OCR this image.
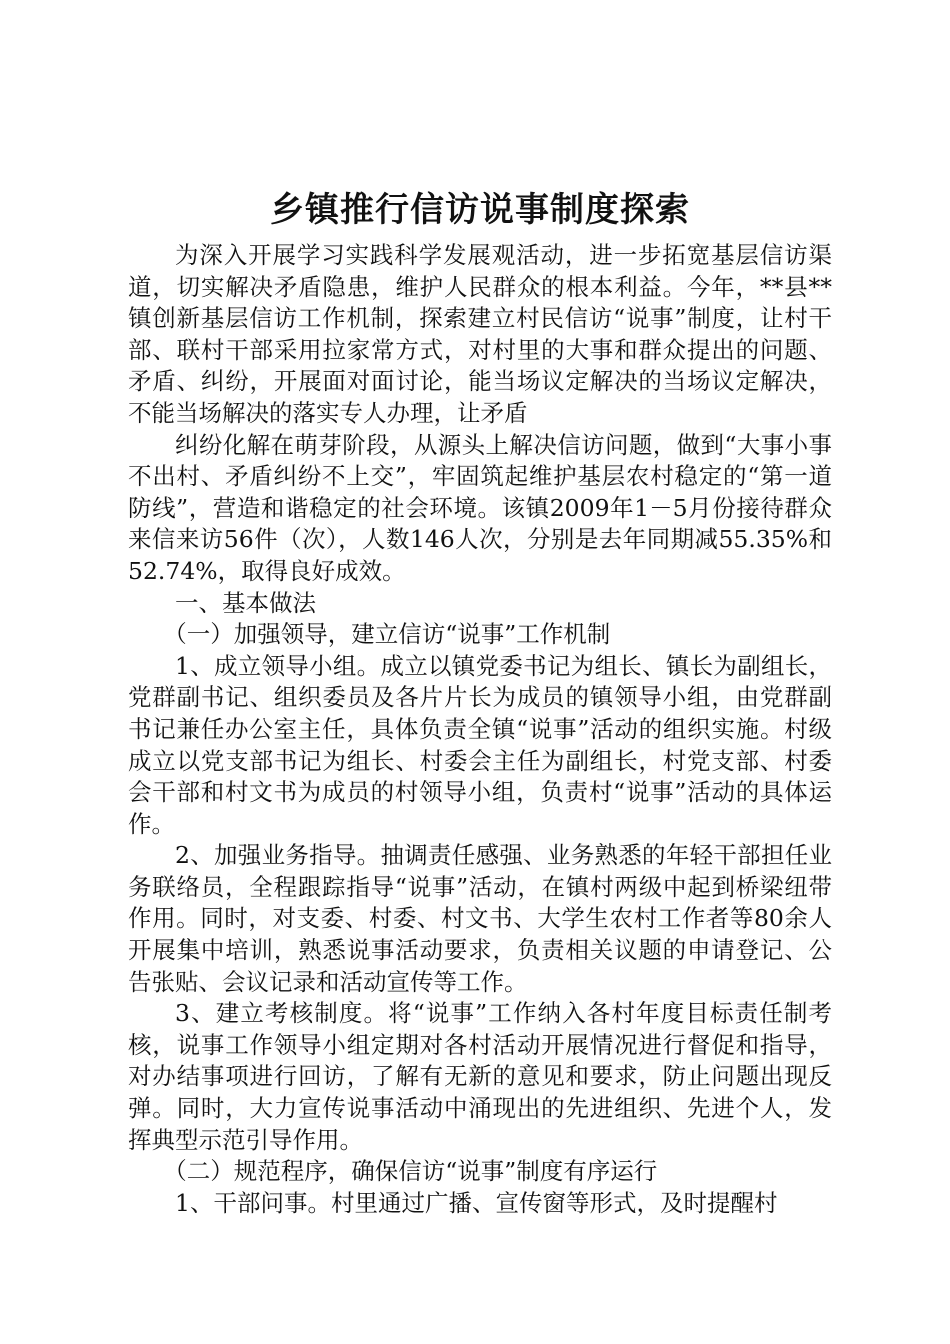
乡镇推行信访说事制度探索

为深入开展学习实践科学发展观活动，进一步拓宽基层信访渠道，切实解决矛盾隐患，维护人民群众的根本利益。今年，**县**镇创新基层信访工作机制，探索建立村民信访“说事”制度，让村干部、联村干部采用拉家常方式，对村里的大事和群众提出的问题、矛盾、纠纷，开展面对面讨论，能当场议定解决的当场议定解决，不能当场解决的落实专人办理，让矛盾

纠纷化解在萌芽阶段，从源头上解决信访问题，做到“大事小事不出村、矛盾纠纷不上交”，牢固筑起维护基层农村稳定的“第一道防线”，营造和谐稳定的社会环境。该镇2009年1－5月份接待群众来信来访56件（次），人数146人次，分别是去年同期减55.35%和52.74%，取得良好成效。

一、基本做法

（一）加强领导，建立信访“说事”工作机制

1、成立领导小组。成立以镇党委书记为组长、镇长为副组长，党群副书记、组织委员及各片片长为成员的镇领导小组，由党群副书记兼任办公室主任，具体负责全镇“说事”活动的组织实施。村级成立以党支部书记为组长、村委会主任为副组长，村党支部、村委会干部和村文书为成员的村领导小组，负责村“说事”活动的具体运作。

2、加强业务指导。抽调责任感强、业务熟悉的年轻干部担任业务联络员，全程跟踪指导“说事”活动，在镇村两级中起到桥梁纽带作用。同时，对支委、村委、村文书、大学生农村工作者等80余人开展集中培训，熟悉说事活动要求，负责相关议题的申请登记、公告张贴、会议记录和活动宣传等工作。

3、建立考核制度。将“说事”工作纳入各村年度目标责任制考核，说事工作领导小组定期对各村活动开展情况进行督促和指导，对办结事项进行回访，了解有无新的意见和要求，防止问题出现反弹。同时，大力宣传说事活动中涌现出的先进组织、先进个人，发挥典型示范引导作用。

（二）规范程序，确保信访“说事”制度有序运行

1、干部问事。村里通过广播、宣传窗等形式，及时提醒村
